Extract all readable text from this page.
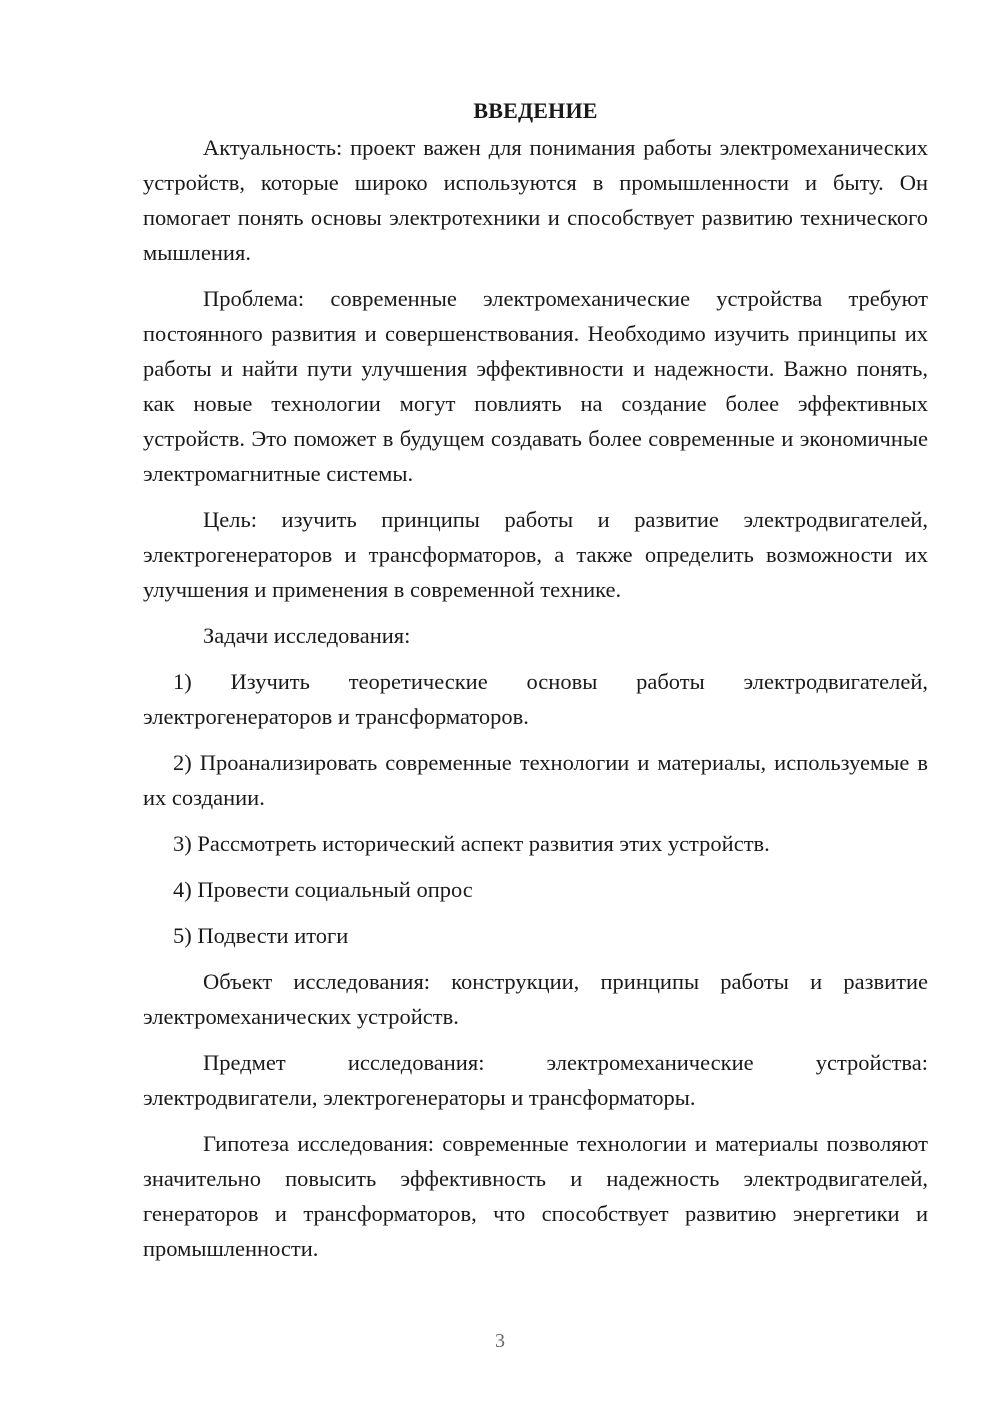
ВВЕДЕНИЕ

Актуальность: проект важен для понимания работы электромеханических устройств, которые широко используются в промышленности и быту. Он помогает понять основы электротехники и способствует развитию технического мышления.

Проблема: современные электромеханические устройства требуют постоянного развития и совершенствования. Необходимо изучить принципы их работы и найти пути улучшения эффективности и надежности. Важно понять, как новые технологии могут повлиять на создание более эффективных устройств. Это поможет в будущем создавать более современные и экономичные электромагнитные системы.

Цель: изучить принципы работы и развитие электродвигателей, электрогенераторов и трансформаторов, а также определить возможности их улучшения и применения в современной технике.

Задачи исследования:

1) Изучить теоретические основы работы электродвигателей, электрогенераторов и трансформаторов.

2) Проанализировать современные технологии и материалы, используемые в их создании.

3) Рассмотреть исторический аспект развития этих устройств.

4) Провести социальный опрос

5) Подвести итоги

Объект исследования: конструкции, принципы работы и развитие электромеханических устройств.

Предмет исследования: электромеханические устройства: электродвигатели, электрогенераторы и трансформаторы.

Гипотеза исследования: современные технологии и материалы позволяют значительно повысить эффективность и надежность электродвигателей, генераторов и трансформаторов, что способствует развитию энергетики и промышленности.

3
